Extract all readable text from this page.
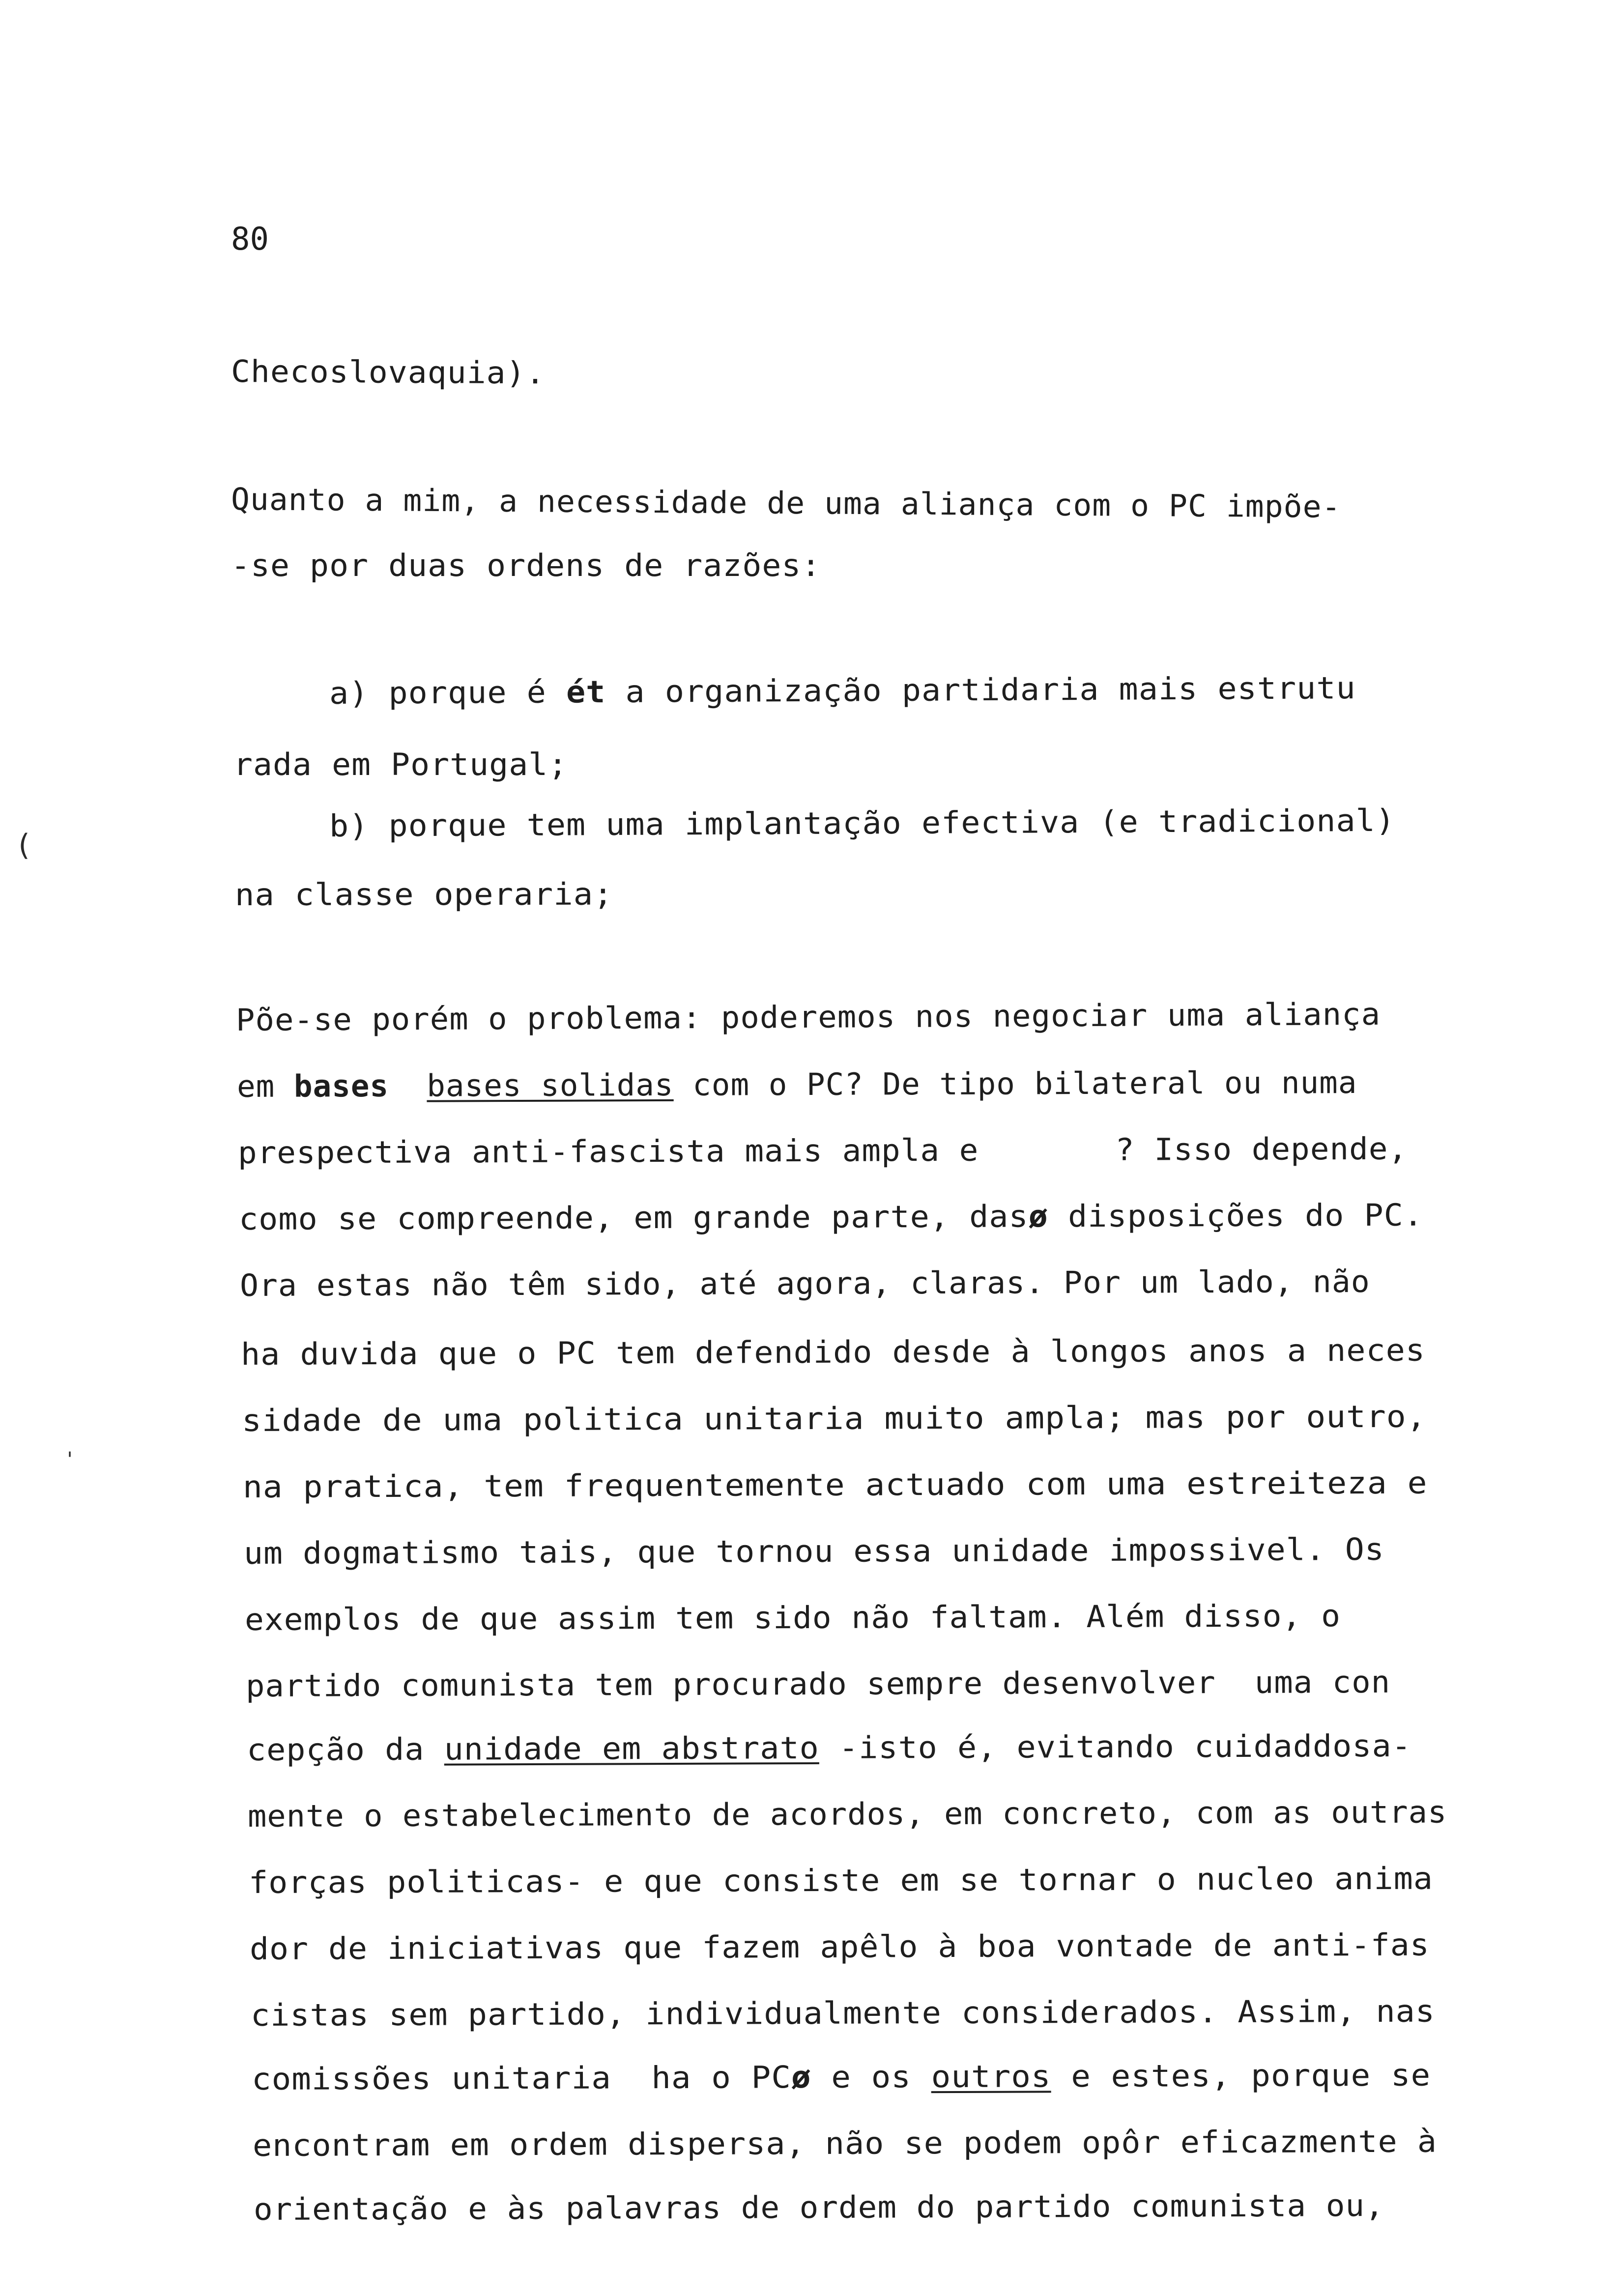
80
(
'
Checoslovaquia).
Quanto a mim, a necessidade de uma aliança com o PC impõe-
-se por duas ordens de razões:
a) porque é ét a organização partidaria mais estrutu
rada em Portugal;
b) porque tem uma implantação efectiva (e tradicional)
na classe operaria;
Põe-se porém o problema: poderemos nos negociar uma aliança
em bases bases solidas com o PC? De tipo bilateral ou numa
prespectiva anti-fascista mais ampla e       ? Isso depende,
como se compreende, em grande parte, dasø disposições do PC.
Ora estas não têm sido, até agora, claras. Por um lado, não
ha duvida que o PC tem defendido desde à longos anos a neces
sidade de uma politica unitaria muito ampla; mas por outro,
na pratica, tem frequentemente actuado com uma estreiteza e
um dogmatismo tais, que tornou essa unidade impossivel. Os
exemplos de que assim tem sido não faltam. Além disso, o
partido comunista tem procurado sempre desenvolver  uma con
cepção da unidade em abstrato -isto é, evitando cuidaddosa-
mente o estabelecimento de acordos, em concreto, com as outras
forças politicas- e que consiste em se tornar o nucleo anima
dor de iniciativas que fazem apêlo à boa vontade de anti-fas
cistas sem partido, individualmente considerados. Assim, nas
comissões unitaria  ha o PCø e os outros e estes, porque se
encontram em ordem dispersa, não se podem opôr eficazmente à
orientação e às palavras de ordem do partido comunista ou,
